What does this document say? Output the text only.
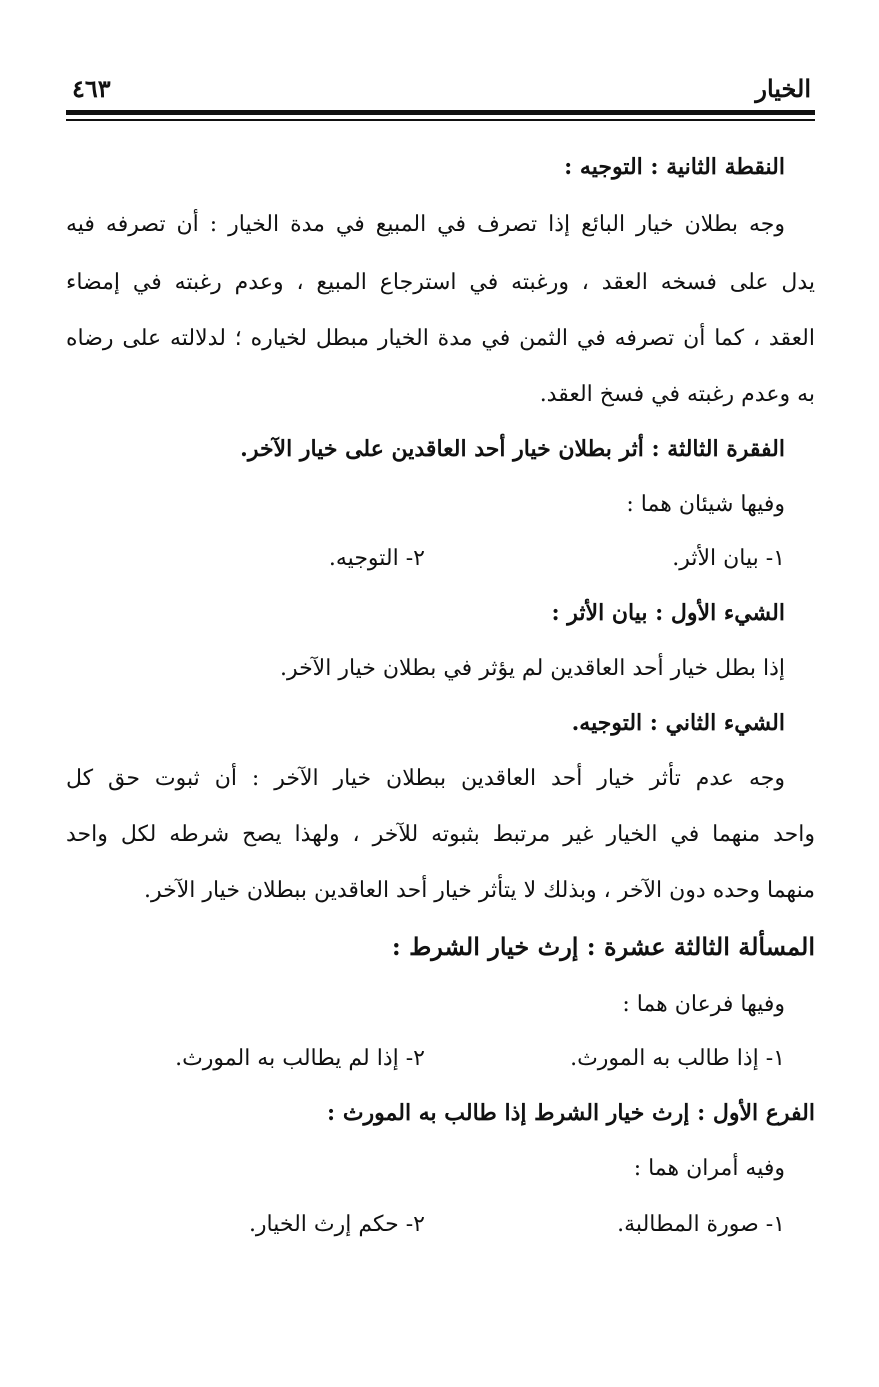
الخيار
٤٦٣
النقطة الثانية : التوجيه :
وجه بطلان خيار البائع إذا تصرف في المبيع في مدة الخيار : أن تصرفه فيه
يدل على فسخه العقد ، ورغبته في استرجاع المبيع ، وعدم رغبته في إمضاء
العقد ، كما أن تصرفه في الثمن في مدة الخيار مبطل لخياره ؛ لدلالته على رضاه
به وعدم رغبته في فسخ العقد.
الفقرة الثالثة : أثر بطلان خيار أحد العاقدين على خيار الآخر.
وفيها شيئان هما :
١- بيان الأثر.
٢- التوجيه.
الشيء الأول : بيان الأثر :
إذا بطل خيار أحد العاقدين لم يؤثر في بطلان خيار الآخر.
الشيء الثاني : التوجيه.
وجه عدم تأثر خيار أحد العاقدين ببطلان خيار الآخر : أن ثبوت حق كل
واحد منهما في الخيار غير مرتبط بثبوته للآخر ، ولهذا يصح شرطه لكل واحد
منهما وحده دون الآخر ، وبذلك لا يتأثر خيار أحد العاقدين ببطلان خيار الآخر.
المسألة الثالثة عشرة : إرث خيار الشرط :
وفيها فرعان هما :
١- إذا طالب به المورث.
٢- إذا لم يطالب به المورث.
الفرع الأول : إرث خيار الشرط إذا طالب به المورث :
وفيه أمران هما :
١- صورة المطالبة.
٢- حكم إرث الخيار.
